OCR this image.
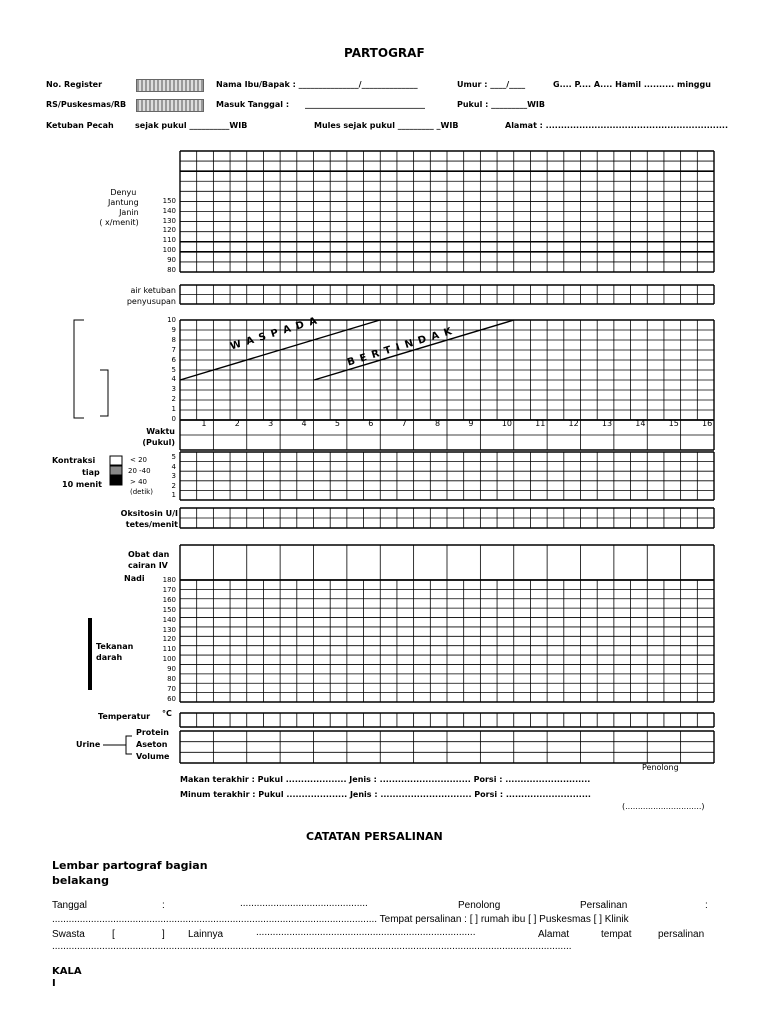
PARTOGRAF
No. Register	Nama Ibu/Bapak : _______________/______________	Umur : ____/____	G.... P.... A.... Hamil .......... minggu
RS/Puskesmas/RB	Masuk Tanggal : ______________________________	Pukul : _________WIB
Ketuban Pecah	sejak pukul __________WIB	Mules sejak pukul _________ _WIB	Alamat : ............................................................
Denyu
Jantung
Janin
( x/menit)
150
140
130
120
110
100
90
80
air ketuban
penyusupan
10
9
8
7
6
5
4
3
2
1
0
W A S P A D A	B E R T I N D A K
1	2	3	4	5	6	7	8	9	10	11	12	13	14	15	16
Waktu
(Pukul)
Kontraksi
tiap
10 menit
< 20
20 -40
> 40
(detik)
5
4
3
2
1
Oksitosin U/I
tetes/menit
Obat dan
cairan IV
Nadi	180
170
160
150
140
130
120
110
100
90
80
70
60
Tekanan
darah
Temperatur °C
Urine
Protein
Aseton
Volume
Penolong
Makan terakhir : Pukul .................... Jenis : .............................. Porsi : ............................
Minum terakhir : Pukul .................... Jenis : .............................. Porsi : ............................
(..............................)
CATATAN PERSALINAN
Lembar partograf bagian
belakang
Tanggal	:	..............................................	Penolong	Persalinan	:
..................................................................................................................... Tempat persalinan : [ ] rumah ibu [ ] Puskesmas [ ] Klinik
Swasta	[	] Lainnya	...............................................................................	Alamat	tempat	persalinan
...........................................................................................................................................................................................
KALA
I
